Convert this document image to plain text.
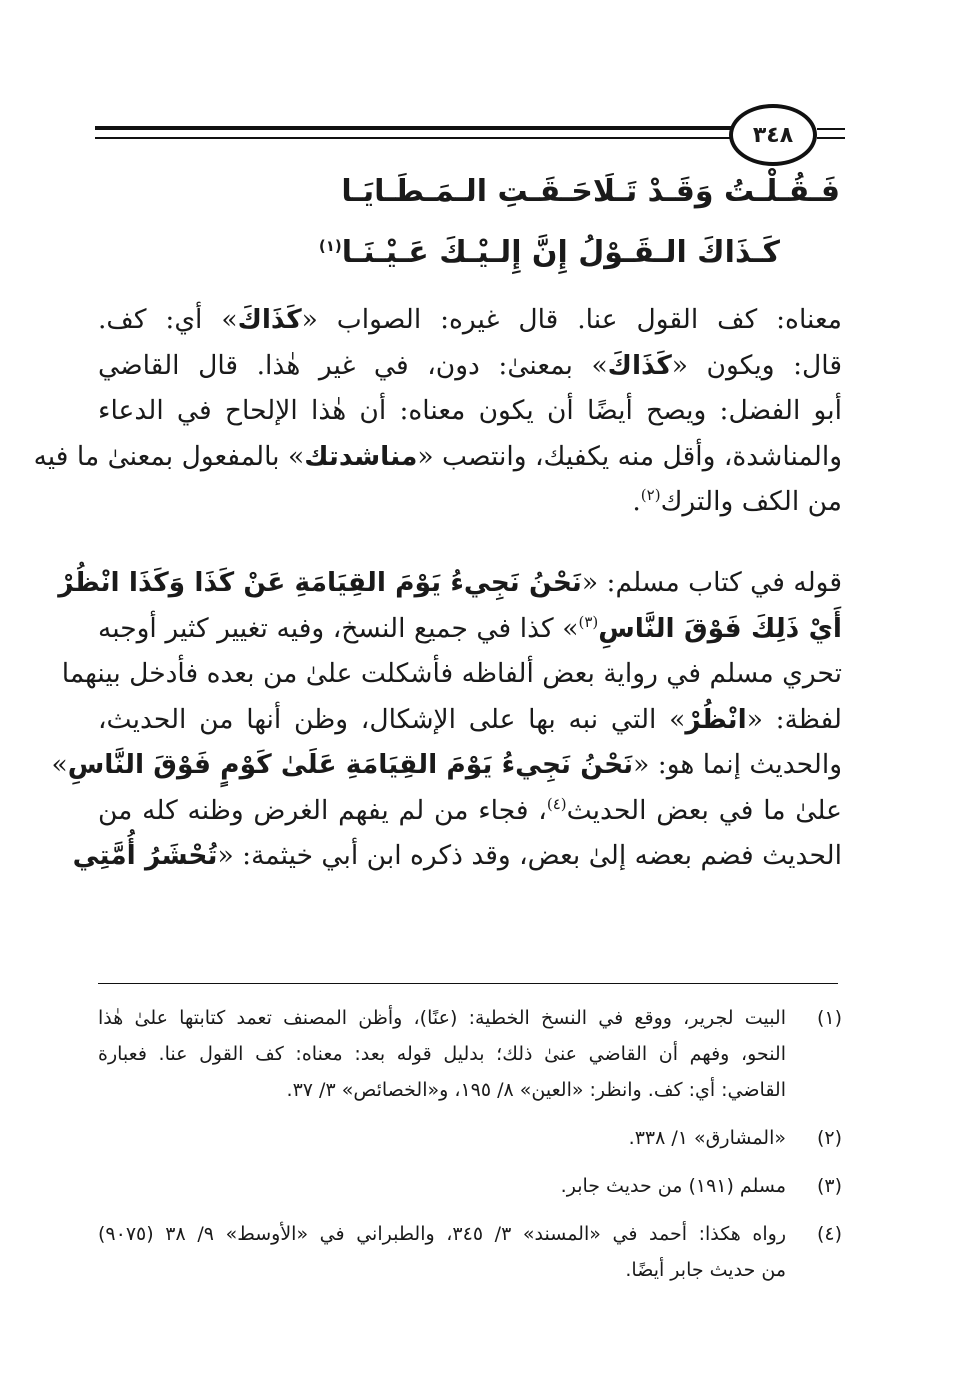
٣٤٨
فَـقُـلْـتُ وَقَـدْ تَـلَاحَـقَـتِ الـمَـطَـايَـا
كَـذَاكَ الـقَـوْلُ إِنَّ إِلـيْـكَ عَـيْـنَـا$^{(١)}$
معناه: كف القول عنا. قال غيره: الصواب «كَذَاكَ» أي: كف.
قال: ويكون «كَذَاكَ» بمعنىٰ: دون، في غير هٰذا. قال القاضي
أبو الفضل: ويصح أيضًا أن يكون معناه: أن هٰذا الإلحاح في الدعاء
والمناشدة، وأقل منه يكفيك، وانتصب «مناشدتك» بالمفعول بمعنىٰ ما فيه
من الكف والترك$^{(٢)}$.
قوله في كتاب مسلم: «نَحْنُ نَجِيءُ يَوْمَ القِيَامَةِ عَنْ كَذَا وَكَذَا انْظُرْ
أَيْ ذَلِكَ فَوْقَ النَّاسِ$^{(٣)}$» كذا في جميع النسخ، وفيه تغيير كثير أوجبه
تحري مسلم في رواية بعض ألفاظه فأشكلت علىٰ من بعده فأدخل بينهما
لفظة: «انْظُرْ» التي نبه بها على الإشكال، وظن أنها من الحديث،
والحديث إنما هو: «نَحْنُ نَجِيءُ يَوْمَ القِيَامَةِ عَلَىٰ كَوْمٍ فَوْقَ النَّاسِ»
علىٰ ما في بعض الحديث$^{(٤)}$، فجاء من لم يفهم الغرض وظنه كله من
الحديث فضم بعضه إلىٰ بعض، وقد ذكره ابن أبي خيثمة: «تُحْشَرُ أُمَّتِي
(١)
البيت لجرير، ووقع في النسخ الخطية: (عنًا)، وأظن المصنف تعمد كتابتها علىٰ هٰذا
النحو، وفهم أن القاضي عنىٰ ذلك؛ بدليل قوله بعد: معناه: كف القول عنا. فعبارة
القاضي: أي: كف. وانظر: «العين» ٨/ ١٩٥، و«الخصائص» ٣/ ٣٧.
(٢)
«المشارق» ١/ ٣٣٨.
(٣)
مسلم (١٩١) من حديث جابر.
(٤)
رواه هكذا: أحمد في «المسند» ٣/ ٣٤٥، والطبراني في «الأوسط» ٩/ ٣٨ (٩٠٧٥)
من حديث جابر أيضًا.
